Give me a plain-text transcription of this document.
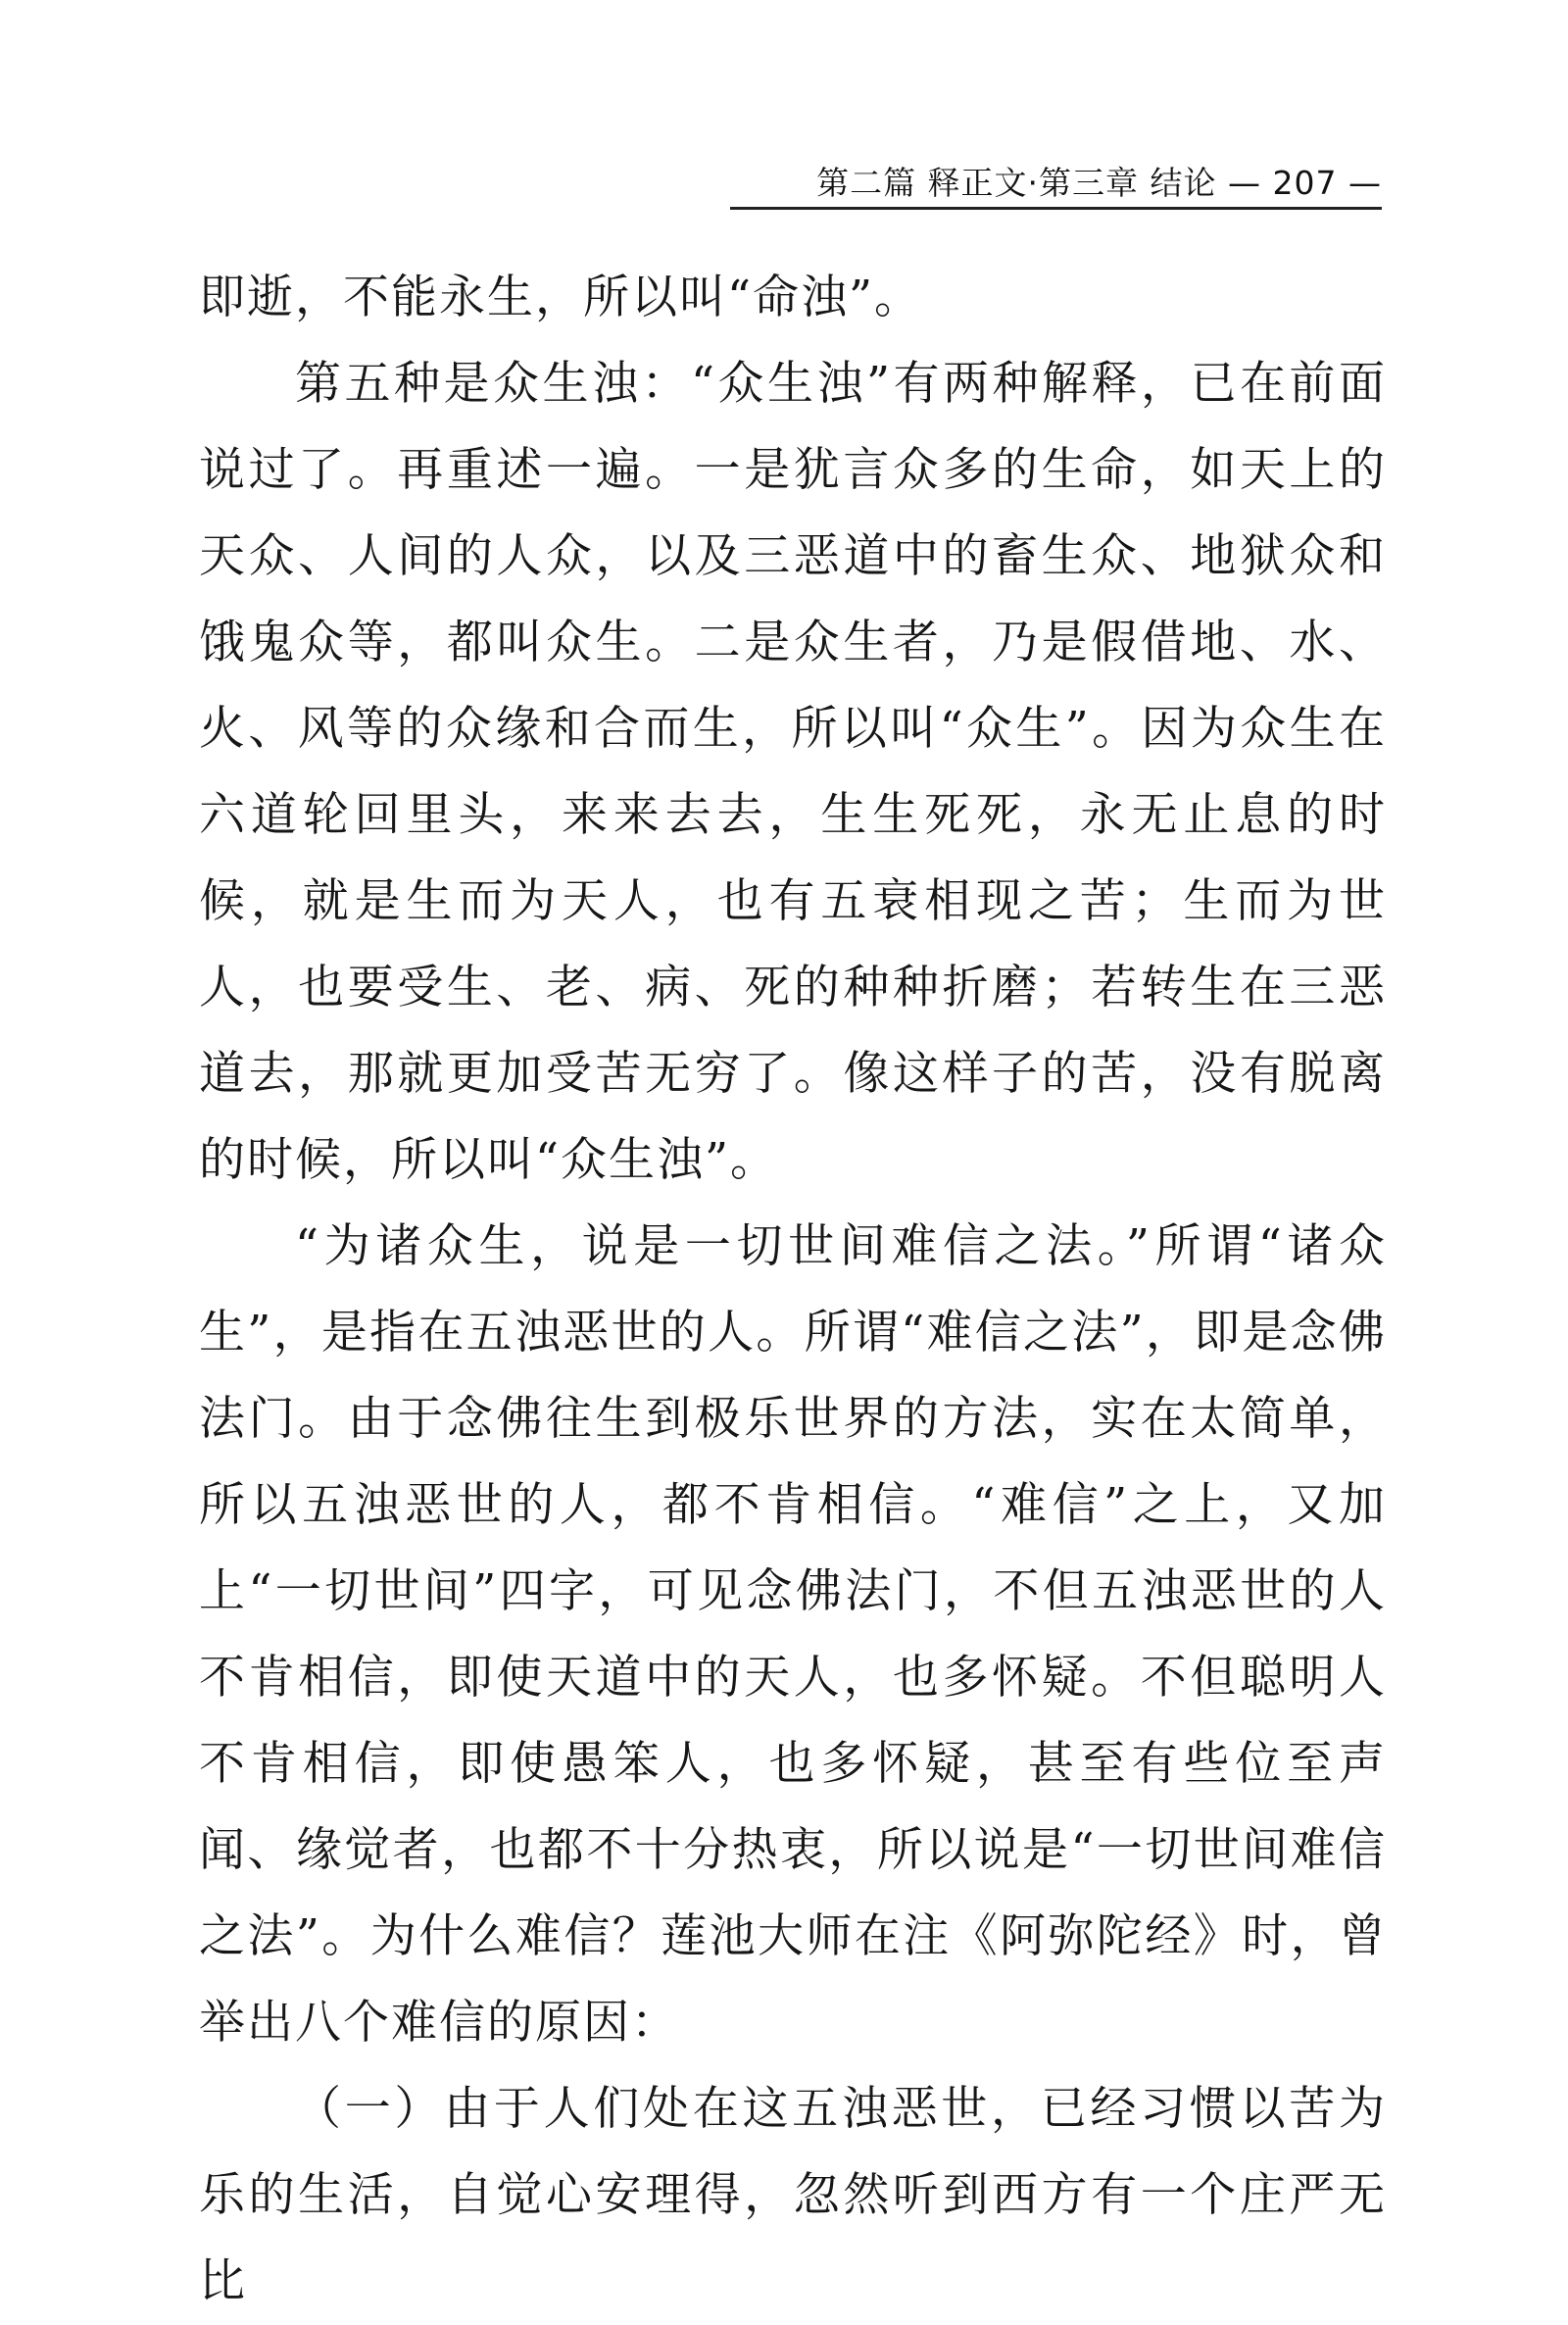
第二篇 释正文·第三章 结论 — 207 —

即逝，不能永生，所以叫“命浊”。

第五种是众生浊：“众生浊”有两种解释，已在前面说过了。再重述一遍。一是犹言众多的生命，如天上的天众、人间的人众，以及三恶道中的畜生众、地狱众和饿鬼众等，都叫众生。二是众生者，乃是假借地、水、火、风等的众缘和合而生，所以叫“众生”。因为众生在六道轮回里头，来来去去，生生死死，永无止息的时候，就是生而为天人，也有五衰相现之苦；生而为世人，也要受生、老、病、死的种种折磨；若转生在三恶道去，那就更加受苦无穷了。像这样子的苦，没有脱离的时候，所以叫“众生浊”。

“为诸众生，说是一切世间难信之法。”所谓“诸众生”，是指在五浊恶世的人。所谓“难信之法”，即是念佛法门。由于念佛往生到极乐世界的方法，实在太简单，所以五浊恶世的人，都不肯相信。“难信”之上，又加上“一切世间”四字，可见念佛法门，不但五浊恶世的人不肯相信，即使天道中的天人，也多怀疑。不但聪明人不肯相信，即使愚笨人，也多怀疑，甚至有些位至声闻、缘觉者，也都不十分热衷，所以说是“一切世间难信之法”。为什么难信？莲池大师在注《阿弥陀经》时，曾举出八个难信的原因：

（一）由于人们处在这五浊恶世，已经习惯以苦为乐的生活，自觉心安理得，忽然听到西方有一个庄严无比
